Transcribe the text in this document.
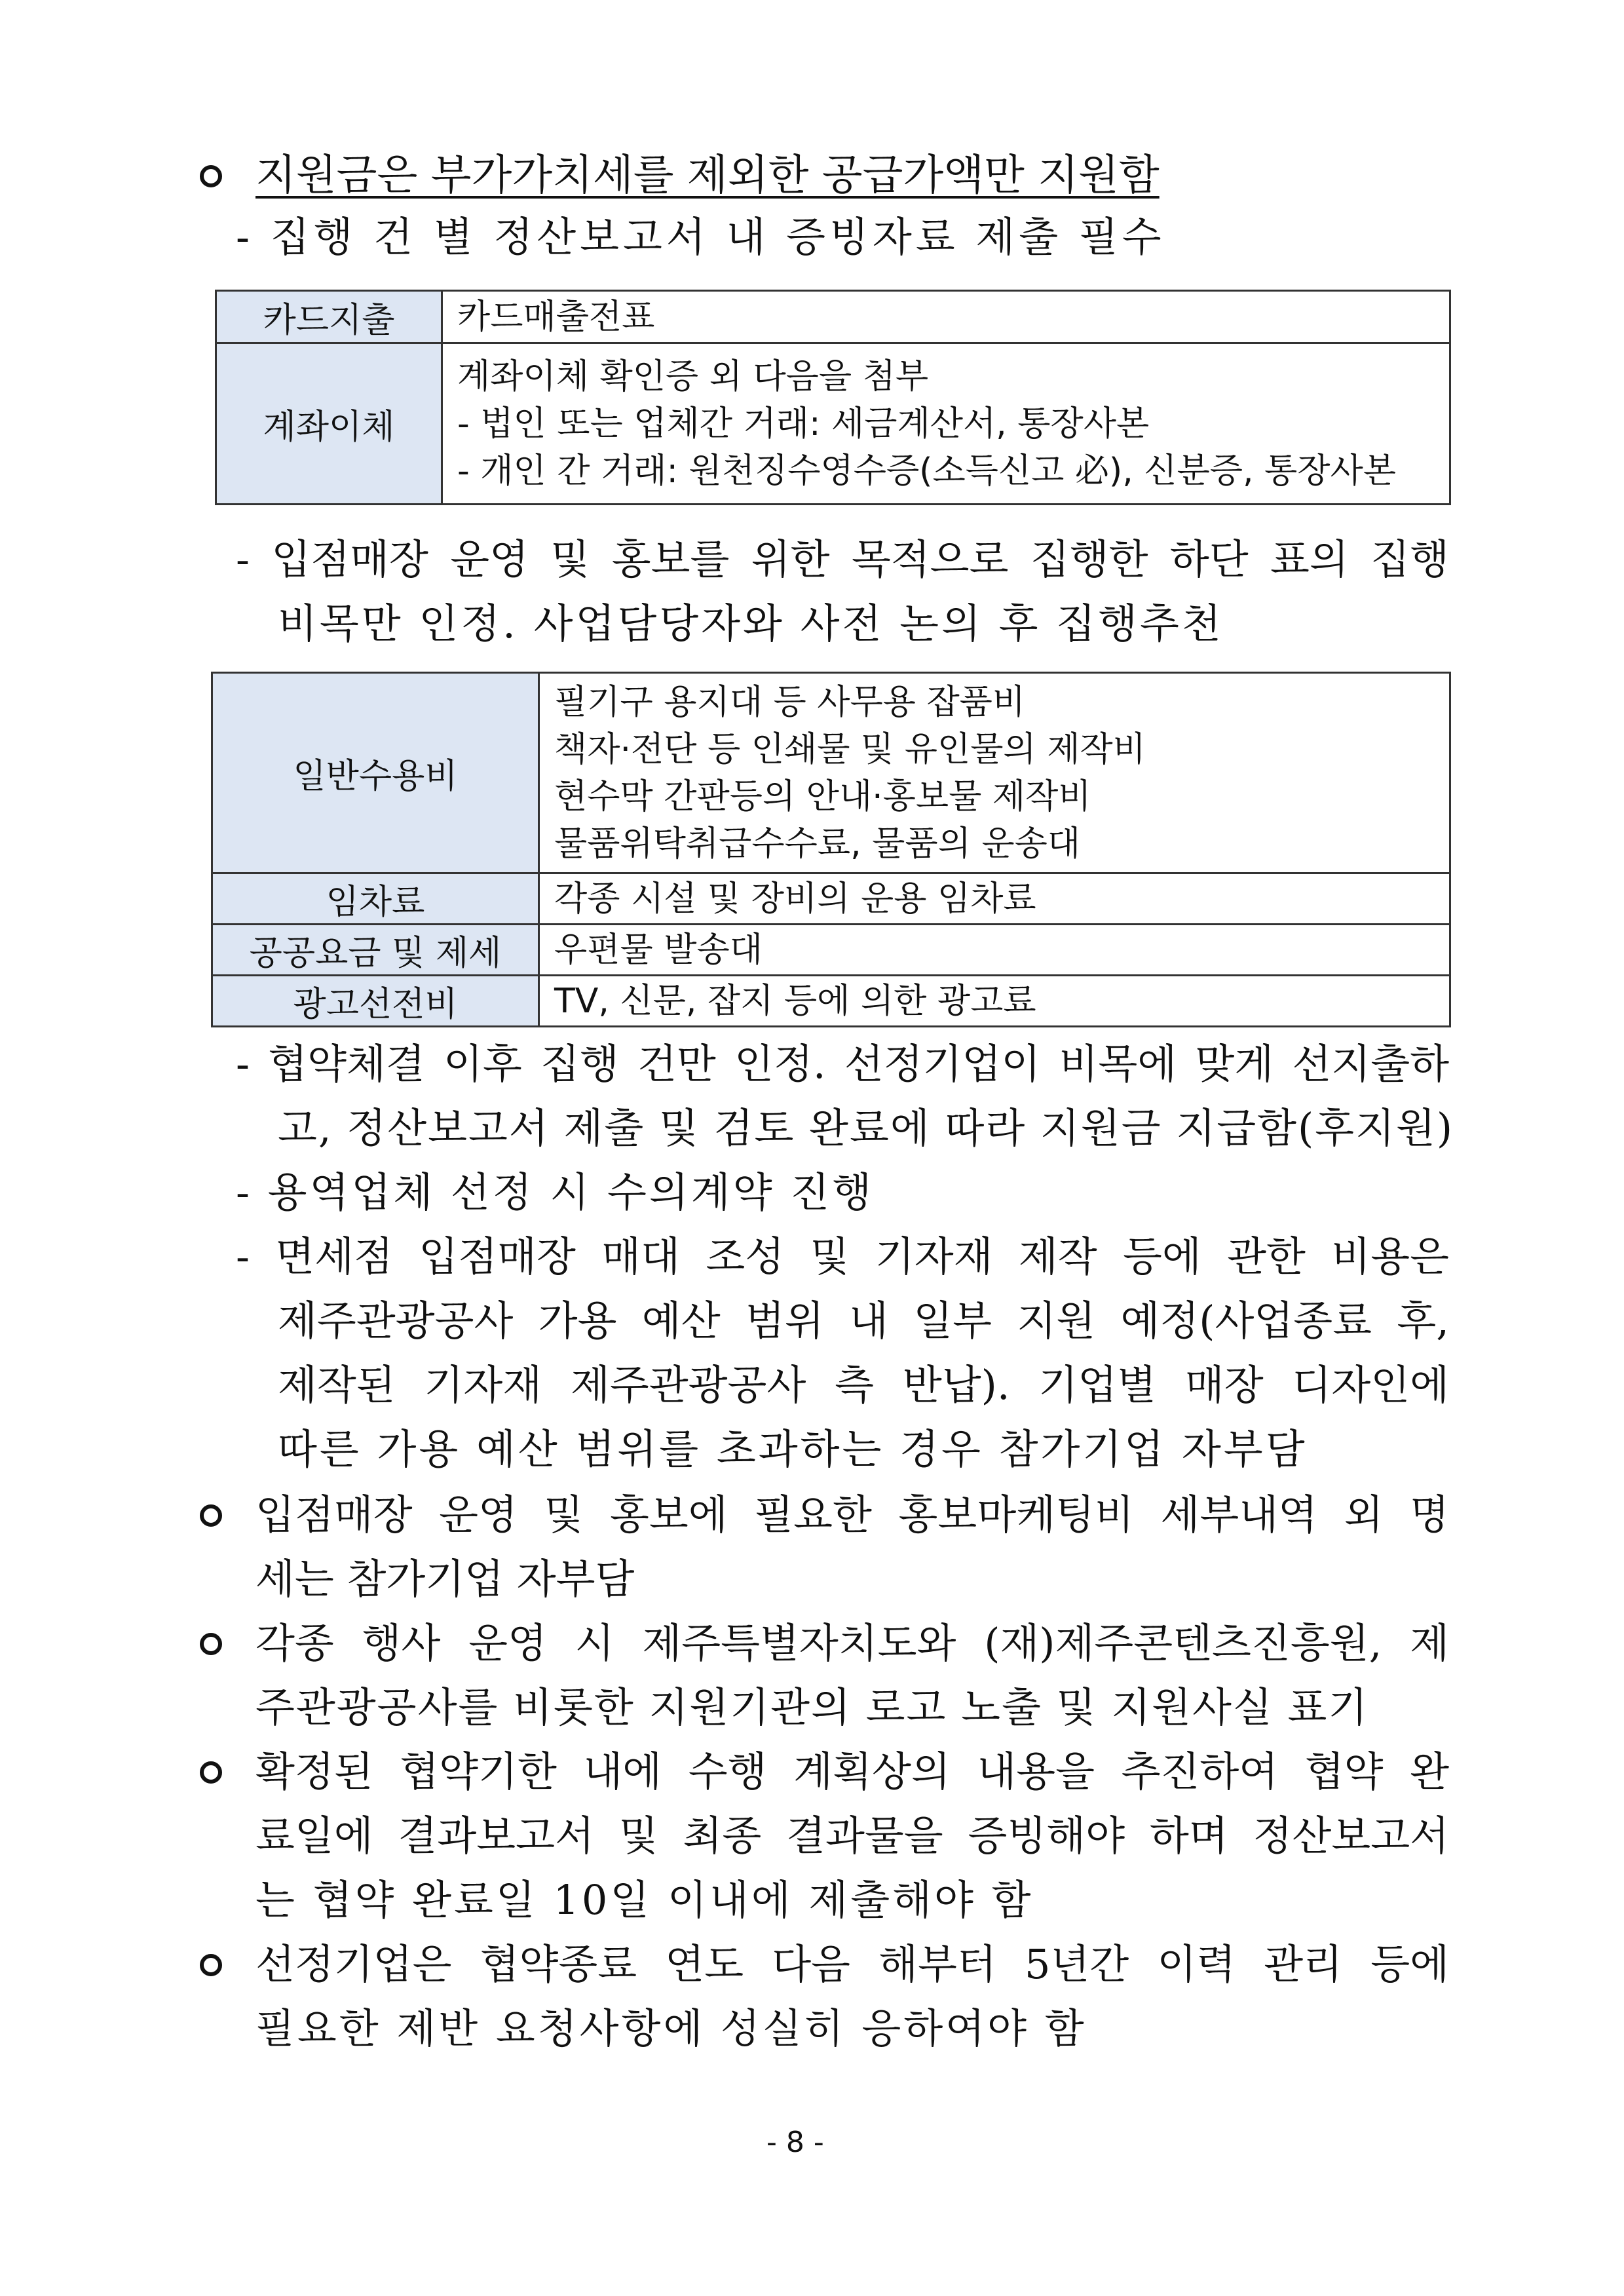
지원금은 부가가치세를 제외한 공급가액만 지원함
- 집행 건 별 정산보고서 내 증빙자료 제출 필수
카드지출	카드매출전표

계좌이체	계좌이체 확인증 외 다음을 첨부
- 법인 또는 업체간 거래: 세금계산서, 통장사본
- 개인 간 거래: 원천징수영수증(소득신고 必), 신분증, 통장사본
- 입점매장 운영 및 홍보를 위한 목적으로 집행한 하단 표의 집행
비목만 인정. 사업담당자와 사전 논의 후 집행추천
일반수용비	필기구 용지대 등 사무용 잡품비
책자·전단 등 인쇄물 및 유인물의 제작비
현수막 간판등의 안내·홍보물 제작비
물품위탁취급수수료, 물품의 운송대

임차료	각종 시설 및 장비의 운용 임차료

공공요금 및 제세	우편물 발송대

광고선전비	TV, 신문, 잡지 등에 의한 광고료
- 협약체결 이후 집행 건만 인정. 선정기업이 비목에 맞게 선지출하
고, 정산보고서 제출 및 검토 완료에 따라 지원금 지급함(후지원)
- 용역업체 선정 시 수의계약 진행
- 면세점 입점매장 매대 조성 및 기자재 제작 등에 관한 비용은
제주관광공사 가용 예산 범위 내 일부 지원 예정(사업종료 후,
제작된 기자재 제주관광공사 측 반납). 기업별 매장 디자인에
따른 가용 예산 범위를 초과하는 경우 참가기업 자부담
입점매장 운영 및 홍보에 필요한 홍보마케팅비 세부내역 외 명
세는 참가기업 자부담
각종 행사 운영 시 제주특별자치도와 (재)제주콘텐츠진흥원, 제
주관광공사를 비롯한 지원기관의 로고 노출 및 지원사실 표기
확정된 협약기한 내에 수행 계획상의 내용을 추진하여 협약 완
료일에 결과보고서 및 최종 결과물을 증빙해야 하며 정산보고서
는 협약 완료일 10일 이내에 제출해야 함
선정기업은 협약종료 연도 다음 해부터 5년간 이력 관리 등에
필요한 제반 요청사항에 성실히 응하여야 함
- 8 -
